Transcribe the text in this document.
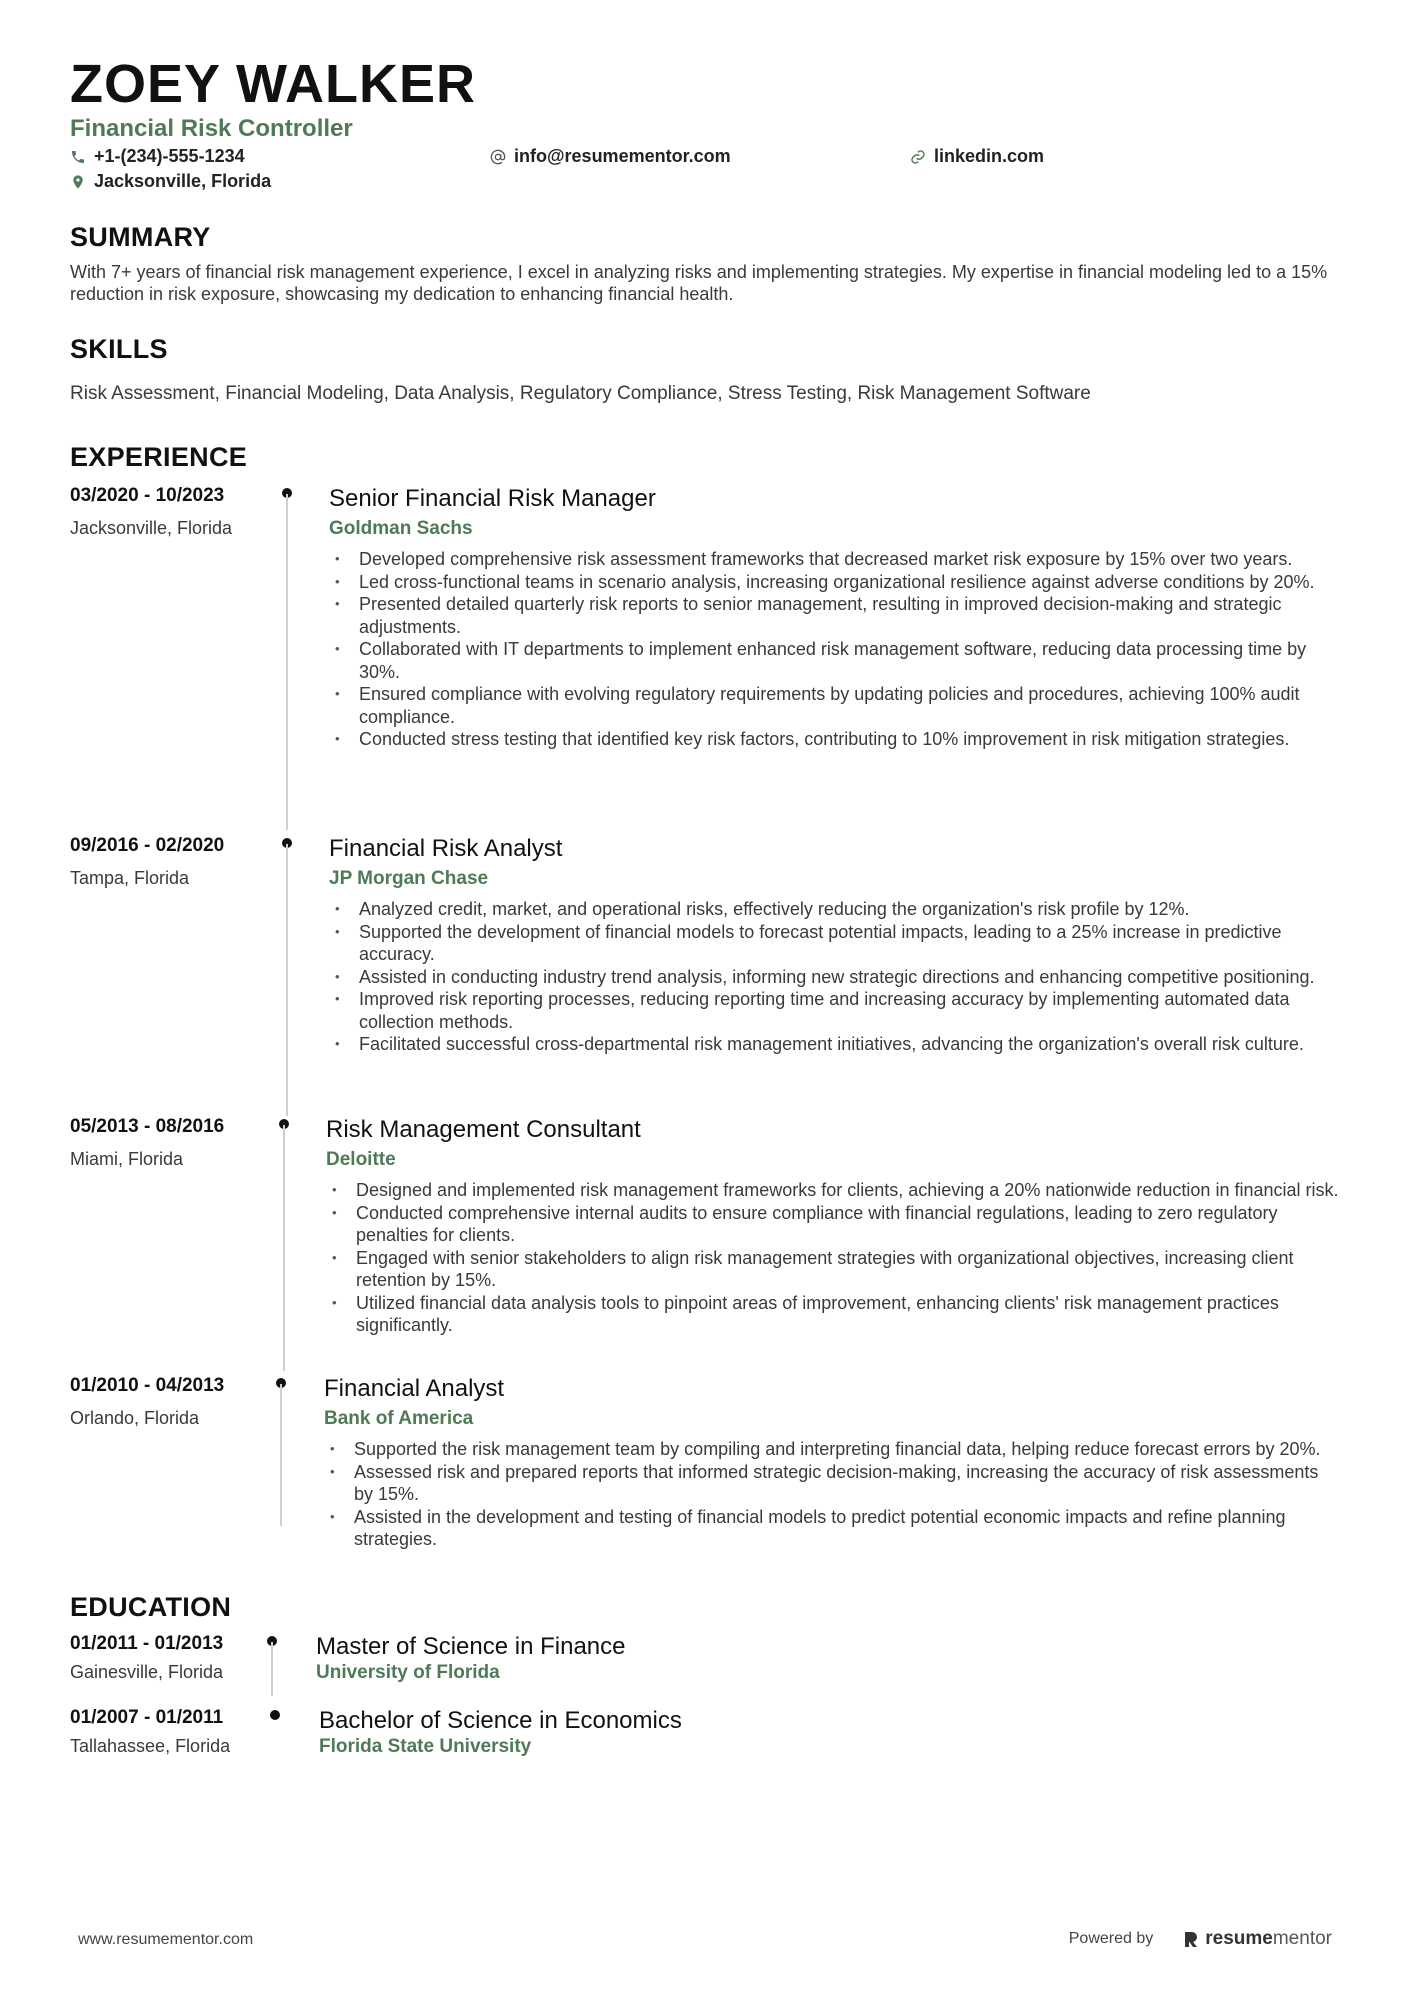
ZOEY WALKER
Financial Risk Controller
+1-(234)-555-1234	info@resumementor.com	linkedin.com
Jacksonville, Florida
SUMMARY
With 7+ years of financial risk management experience, I excel in analyzing risks and implementing strategies. My expertise in financial modeling led to a 15% reduction in risk exposure, showcasing my dedication to enhancing financial health.
SKILLS
Risk Assessment, Financial Modeling, Data Analysis, Regulatory Compliance, Stress Testing, Risk Management Software
EXPERIENCE
03/2020 - 10/2023
Jacksonville, Florida
Senior Financial Risk Manager
Goldman Sachs
• Developed comprehensive risk assessment frameworks that decreased market risk exposure by 15% over two years.
• Led cross-functional teams in scenario analysis, increasing organizational resilience against adverse conditions by 20%.
• Presented detailed quarterly risk reports to senior management, resulting in improved decision-making and strategic adjustments.
• Collaborated with IT departments to implement enhanced risk management software, reducing data processing time by 30%.
• Ensured compliance with evolving regulatory requirements by updating policies and procedures, achieving 100% audit compliance.
• Conducted stress testing that identified key risk factors, contributing to 10% improvement in risk mitigation strategies.
09/2016 - 02/2020
Tampa, Florida
Financial Risk Analyst
JP Morgan Chase
• Analyzed credit, market, and operational risks, effectively reducing the organization's risk profile by 12%.
• Supported the development of financial models to forecast potential impacts, leading to a 25% increase in predictive accuracy.
• Assisted in conducting industry trend analysis, informing new strategic directions and enhancing competitive positioning.
• Improved risk reporting processes, reducing reporting time and increasing accuracy by implementing automated data collection methods.
• Facilitated successful cross-departmental risk management initiatives, advancing the organization's overall risk culture.
05/2013 - 08/2016
Miami, Florida
Risk Management Consultant
Deloitte
• Designed and implemented risk management frameworks for clients, achieving a 20% nationwide reduction in financial risk.
• Conducted comprehensive internal audits to ensure compliance with financial regulations, leading to zero regulatory penalties for clients.
• Engaged with senior stakeholders to align risk management strategies with organizational objectives, increasing client retention by 15%.
• Utilized financial data analysis tools to pinpoint areas of improvement, enhancing clients' risk management practices significantly.
01/2010 - 04/2013
Orlando, Florida
Financial Analyst
Bank of America
• Supported the risk management team by compiling and interpreting financial data, helping reduce forecast errors by 20%.
• Assessed risk and prepared reports that informed strategic decision-making, increasing the accuracy of risk assessments by 15%.
• Assisted in the development and testing of financial models to predict potential economic impacts and refine planning strategies.
EDUCATION
01/2011 - 01/2013
Gainesville, Florida
Master of Science in Finance
University of Florida
01/2007 - 01/2011
Tallahassee, Florida
Bachelor of Science in Economics
Florida State University
www.resumementor.com	Powered by	resumementor
